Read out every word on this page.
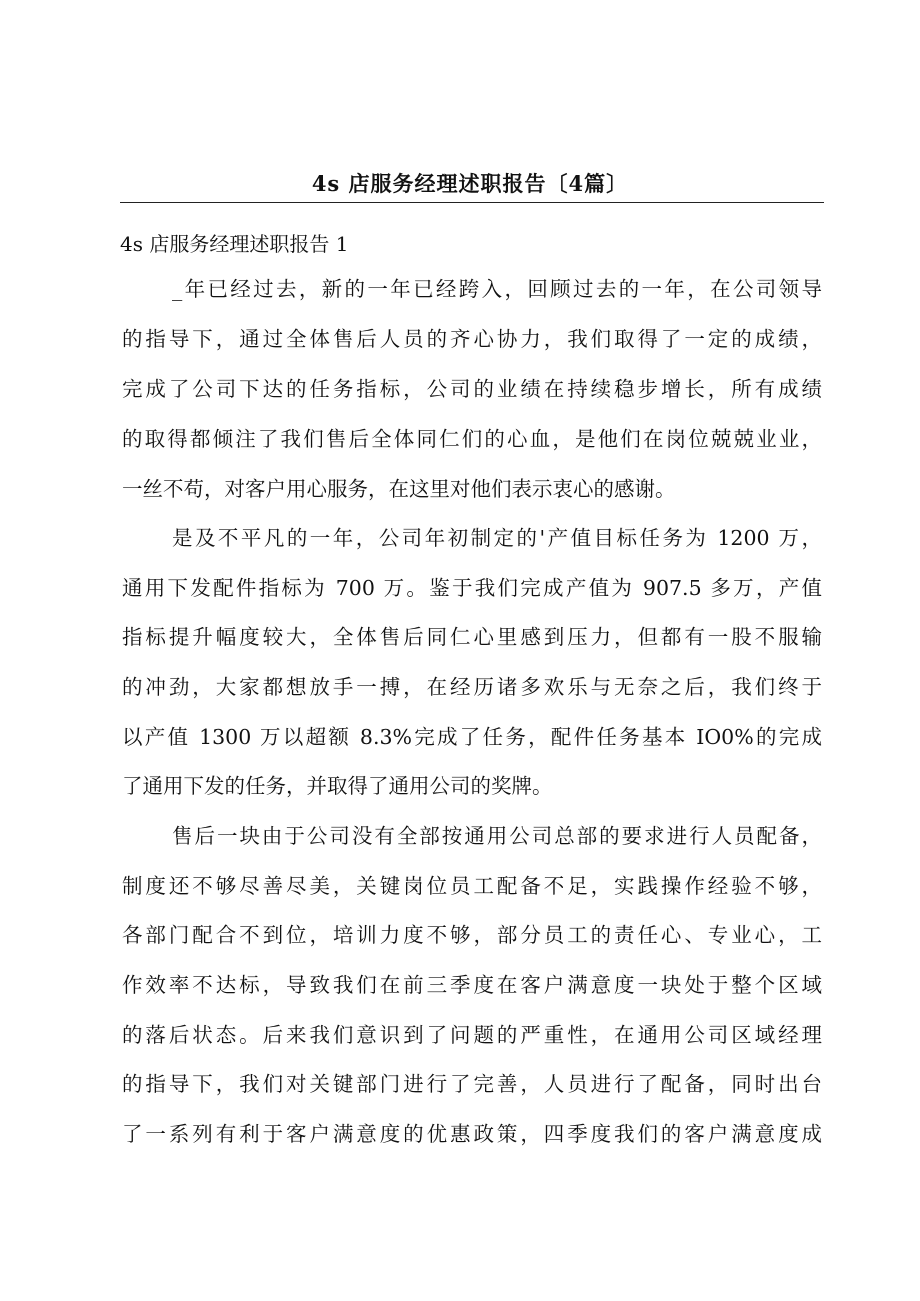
4s 店服务经理述职报告〔4篇〕
4s 店服务经理述职报告 1
_年已经过去，新的一年已经跨入，回顾过去的一年，在公司领导
的指导下，通过全体售后人员的齐心协力，我们取得了一定的成绩，
完成了公司下达的任务指标，公司的业绩在持续稳步增长，所有成绩
的取得都倾注了我们售后全体同仁们的心血，是他们在岗位兢兢业业，
一丝不苟，对客户用心服务，在这里对他们表示衷心的感谢。
是及不平凡的一年，公司年初制定的'产值目标任务为 1200 万，
通用下发配件指标为 700 万。鉴于我们完成产值为 907.5 多万，产值
指标提升幅度较大，全体售后同仁心里感到压力，但都有一股不服输
的冲劲，大家都想放手一搏，在经历诸多欢乐与无奈之后，我们终于
以产值 1300 万以超额 8.3%完成了任务，配件任务基本 IO0%的完成
了通用下发的任务，并取得了通用公司的奖牌。
售后一块由于公司没有全部按通用公司总部的要求进行人员配备，
制度还不够尽善尽美，关键岗位员工配备不足，实践操作经验不够，
各部门配合不到位，培训力度不够，部分员工的责任心、专业心，工
作效率不达标，导致我们在前三季度在客户满意度一块处于整个区域
的落后状态。后来我们意识到了问题的严重性，在通用公司区域经理
的指导下，我们对关键部门进行了完善，人员进行了配备，同时出台
了一系列有利于客户满意度的优惠政策，四季度我们的客户满意度成
